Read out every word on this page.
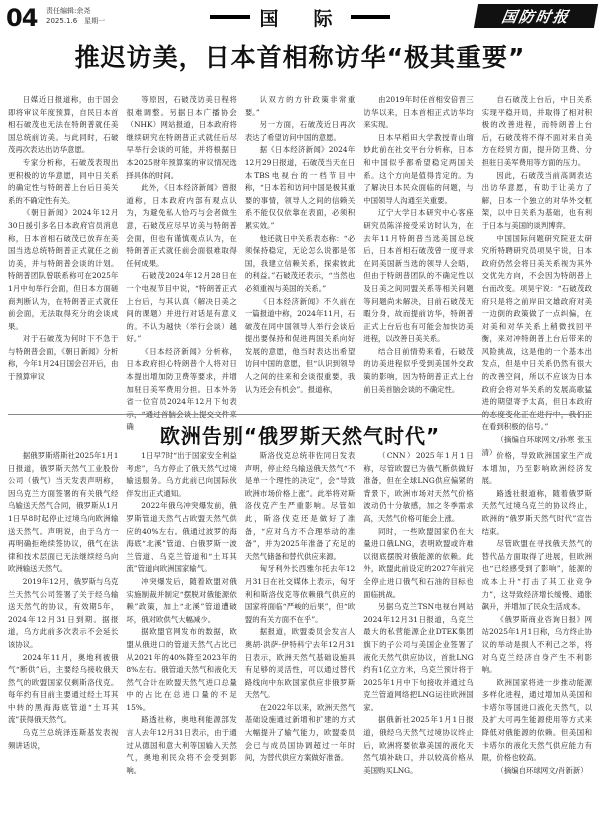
04 责任编辑:余尧
2025.1.6　星期一	国　际	国防时报
推迟访美，日本首相称访华“极其重要”

日媒近日报道称，由于国会即将审议年度预算，自民日本首相石破茂也无法在特朗普就任美国总统前访美。与此同时，石破茂再次表达出访华意愿。

专家分析称，石破茂表现出更积极的访华意愿，同中日关系的确定性与特朗普上台后日美关系的不确定性有关。

《朝日新闻》2024年12月30日援引多名日本政府官员消息称，日本首相石破茂已放弃在美国当选总统特朗普正式就任之前访美，并与特朗普会谈的计划。特朗普团队曾联系称可在2025年1月中旬举行会面，但日本方面磋商判断认为，在特朗普正式就任前会面，无法取得充分的会谈成果。

对于石破茂为何时下不急于与特朗普会面，《朝日新闻》分析称，今年1月24日国会召开后，由于预算审议

等原因，石破茂访美日程将很难调整。另据日本广播协会（NHK）网站报道，日本政府将继续研究在特朗普正式就任后尽早举行会谈的可能，并将根据日本2025财年预算案的审议情况选择具体的时间。

此外，《日本经济新闻》曾报道称，日本政府内部有观点认为，为避免私人恰巧与会者做生意，石破茂应尽早访美与特朗普会面，但也有谨慎观点认为，在特朗普正式就任前会面很难取得任何成果。

石破茂2024年12月28日在一个电视节目中说，“特朗普正式上台后，与其认真（解决日美之间的课题）并进行对话是有意义的。不认为越快（举行会谈）越好。”

《日本经济新闻》分析称，日本政府担心特朗普个人将对日本提出增加防卫费等要求，并增加驻日美军费用分担。日本外务省一位官员2024年12月下旬表示，“通过首脑会谈上提交文件来确

认双方的方针政策非常重要。”

另一方面，石破茂近日再次表达了希望访问中国的意愿。

据《日本经济新闻》2024年12月29日报道，石破茂当天在日本TBS电视台的一档节目中称，“日本若和访问中国是极其重要的事情，领导人之间的信赖关系不能仅仅依靠在表面，必须积累实效。”

他还就日中关系表态称：“必须保持稳定，无论怎么说都是邻国，我建立信赖关系，探索彼此的利益。”石破茂还表示，“当然也必须重视与美国的关系。”

《日本经济新闻》不久前在一篇报道中称，2024年11月，石破茂在同中国领导人举行会谈后提出要保持和促进两国关系向好发展的意愿，他当时表达出希望访问中国的意愿，但“认识到领导人之间的往来和会谈很重要，我认为还会有机会”。报道称，

由2019年时任首相安倍晋三访华以来，日本首相正式访华均来实现。

日本早稻田大学教授青山瑠妙此前在社交平台分析称，日本和中国似乎都希望稳定两国关系。这个方向是值得肯定的。为了解决日本民众面临的问题，与中国领导人沟通至关重要。

辽宁大学日本研究中心客座研究员陈洋接受采访时认为，在去年11月特朗普当选美国总统后，日本首相石破茂曾一度寻求在同美国新当选的领导人会晤，但由于特朗普团队的不确定性以及日美之间同盟关系等相关问题等问题尚未解决，目前石破茂无暇分身，故而提前访华，特朗普正式上台后也有可能会加快访美进程，以改善日美关系。

结合目前情势来看，石破茂的访美进程似乎受到美国外交政策的影响，因为特朗普正式上台前日美首脑会谈的不确定性。

自石破茂上台后，中日关系实现平稳开局，并取得了相对积极的改善进程，而特朗普上台后，石破茂将不得不面对来自美方在经贸方面，提升防卫费、分担驻日美军费用等方面的压力。

因此，石破茂当前高调表达出访华意愿，有助于让美方了解，日本一个独立的对华外交框架，以中日关系为基础，也有利于日本与美国的谈判博弈。

中国国际问题研究院亚太研究所特聘研究员项昊宇说，日本政府仍然会将日美关系视为其外交优先方向，不会因为特朗普上台而改变。项昊宇说：“石破茂政府只是将之前岸田文雄政府对美一边倒的政策做了一点纠偏，在对美和对华关系上稍微找回平衡，来对冲特朗普上台后带来的风险挑战，这是他的一个基本出发点，但是中日关系仍然有很大的改善空间，所以不应该为日本政府会将对华关系的发展高歌猛进的期望寄予太高，但日本政府的态度变化正在进行中，我们正在看到积极的信号。”

（摘编自环球网文/孙寒 张玉清）

欧洲告别“俄罗斯天然气时代”

据俄罗斯塔斯社2025年1月1日报道，俄罗斯天然气工业股份公司（俄气）当天发表声明称，因乌克兰方面签署的有关俄气经乌输送天然气合同，俄罗斯从1月1日早8时起停止过境乌向欧洲输送天然气。声明说，由于乌方一再明确拒绝续签协议，俄气在法律和技术层面已无法继续经乌向欧洲输送天然气。

2019年12月，俄罗斯与乌克兰天然气公司签署了关于经乌输送天然气的协议，有效期5年，2024年12月31日到期。据报道，乌方此前多次表示不会延长该协议。

2024年11月，奥地利被俄气“断供”后，主要经乌接收俄天然气的欧盟国家仅剩斯洛伐克。每年约有目前主要通过经土耳其中转的黑海海底管道“土耳其流”获得俄天然气。

乌克兰总统泽连斯基发表视频讲话说，

1日早7时“出于国家安全利益考虑”，乌方停止了俄天然气过境输送服务。乌方此前已向国际伙伴发出正式通知。

2022年俄乌冲突爆发前，俄罗斯管道天然气占欧盟天然气供应的40%左右。俄通过波罗的海海底“北溪”管道、白俄罗斯一波兰管道、乌克兰管道和“土耳其流”管道向欧洲国家输气。

冲突爆发后，随着欧盟对俄实施制裁并制定“摆脱对俄能源依赖”政策，加上“北溪”管道遭破坏，俄对欧供气大幅减少。

据欧盟官网发布的数据，欧盟从俄进口的管道天然气占比已从2021年的40%降至2023年的8%左右。俄管道天然气和液化天然气合计在欧盟天然气进口总量中的占比在总进口量的不足15%。

路透社称，奥地利能源部发言人去年12月31日表示，由于通过从德国和意大利等国输入天然气，奥地利民众将不会受到影响。

斯洛伐克总统菲佐同日发表声明，停止经乌输送俄天然气“不是单一个理性的决定”，会“导致欧洲市场价格上涨”。此举将对斯洛伐克产生严重影响。尽管如此，斯洛伐克还是做好了准备，“应对乌方不合理举动的准备”，并为2025年准备了充足的天然气储备和替代供应来源。

匈牙利外长西雅尔托去年12月31日在社交媒体上表示，匈牙利和斯洛伐克等依赖俄气供应的国家将面临“严峻的后果”，但“欧盟的有关方面不在乎”。

据报道，欧盟委员会发言人奥胡·洪萨-伊特科宁去年12月31日表示，欧洲天然气基础设施具有足够的灵活性，可以通过替代路线向中东欧国家供应非俄罗斯天然气。

在2022年以来，欧洲天然气基础设施通过新增和扩建的方式大幅提升了输气能力，欧盟委员会已与成员国协调超过一年时间，为替代供应方案做好准备。

（CNN）2025年1月1日称，尽管欧盟已为俄气断供做好准备，但在全球LNG供应偏紧的背景下，欧洲市场对天然气价格波动仍十分敏感，加之冬季需求高，天然气价格可能会上涨。

同时，一些欧盟国家仍在大量进口俄LNG，表明欧盟或许难以彻底摆脱对俄能源的依赖。此外，欧盟此前设定的2027年前完全停止进口俄气和石油的目标也面临挑战。

另据乌克兰TSN电视台网站2024年12月31日报道，乌克兰最大的私营能源企业DTEK集团旗下的子公司与美国企业签署了液化天然气供应协议，首批LNG约有1亿立方米，乌克兰预计将于2025年1月中下旬接收并通过乌克兰管道网络把LNG运往欧洲国家。

据俄新社2025年1月1日报道，俄经乌天然气过境协议终止后，欧洲将要依靠美国的液化天然气填补缺口，并以较高价格从美国购买LNG。

价格，导致欧洲国家生产成本增加，乃至影响欧洲经济发展。

路透社报道称，随着俄罗斯天然气过境乌克兰的协议终止，欧洲的“俄罗斯天然气时代”宣告结束。

尽管欧盟在寻找俄天然气的替代品方面取得了进展，但欧洲也“已经感受到了影响”，能源的成本上升“打击了其工业竞争力”，这导致经济增长缓慢、通胀飙升，并增加了民众生活成本。

《俄罗斯商业咨询日报》网站2025年1月1日称，乌方终止协议的举动是损人不利己之举，将对乌克兰经济自身产生不利影响。

欧洲国家将进一步推动能源多样化进程，通过增加从美国和卡塔尔等国进口液化天然气，以及扩大可再生能源使用等方式来降低对俄能源的依赖。但美国和卡塔尔的液化天然气供应能力有限，价格也较高。

（摘编自环球网文/肖新新）
